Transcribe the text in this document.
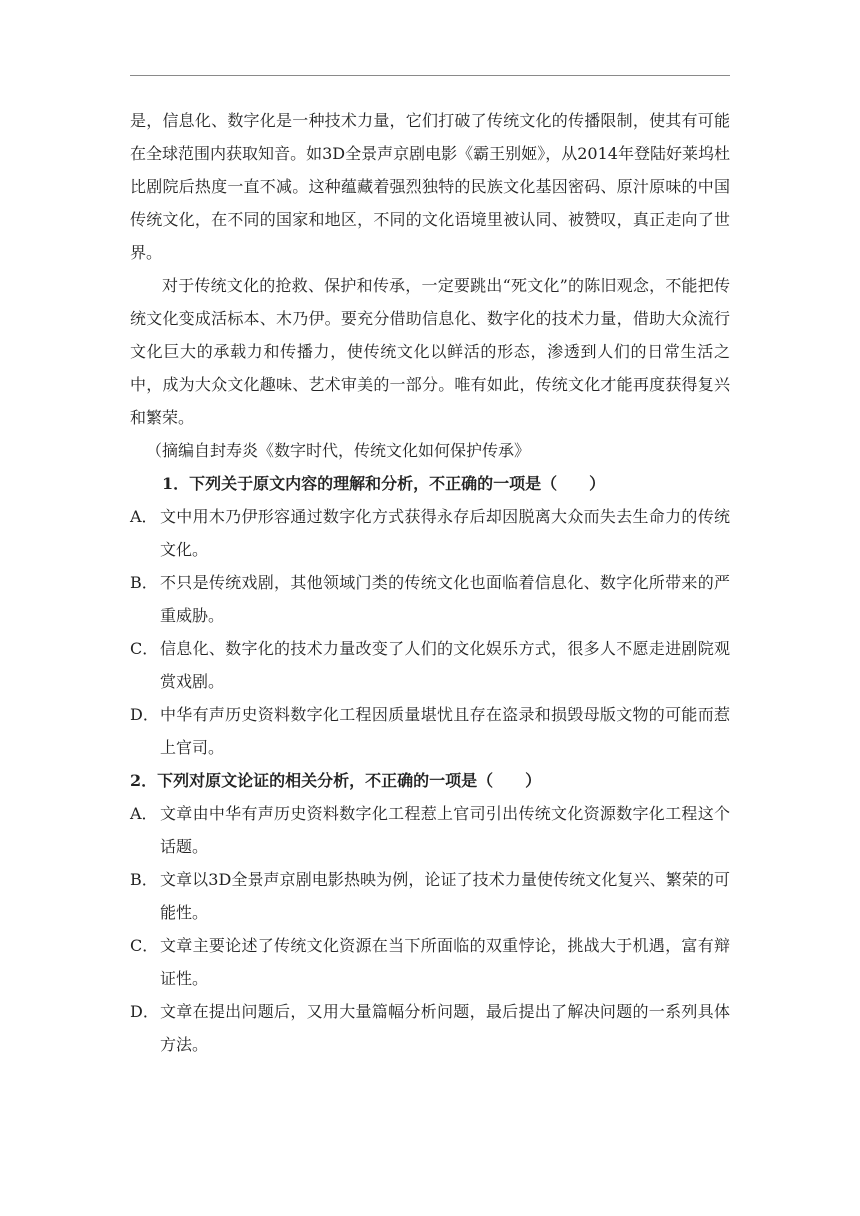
是，信息化、数字化是一种技术力量，它们打破了传统文化的传播限制，使其有可能在全球范围内获取知音。如3D全景声京剧电影《霸王别姬》，从2014年登陆好莱坞杜比剧院后热度一直不减。这种蕴藏着强烈独特的民族文化基因密码、原汁原味的中国传统文化，在不同的国家和地区，不同的文化语境里被认同、被赞叹，真正走向了世界。

对于传统文化的抢救、保护和传承，一定要跳出“死文化”的陈旧观念，不能把传统文化变成活标本、木乃伊。要充分借助信息化、数字化的技术力量，借助大众流行文化巨大的承载力和传播力，使传统文化以鲜活的形态，渗透到人们的日常生活之中，成为大众文化趣味、艺术审美的一部分。唯有如此，传统文化才能再度获得复兴和繁荣。

（摘编自封寿炎《数字时代，传统文化如何保护传承》

1．下列关于原文内容的理解和分析，不正确的一项是（　　）

A． 文中用木乃伊形容通过数字化方式获得永存后却因脱离大众而失去生命力的传统文化。
B． 不只是传统戏剧，其他领域门类的传统文化也面临着信息化、数字化所带来的严重威胁。
C． 信息化、数字化的技术力量改变了人们的文化娱乐方式，很多人不愿走进剧院观赏戏剧。
D． 中华有声历史资料数字化工程因质量堪忧且存在盗录和损毁母版文物的可能而惹上官司。

2．下列对原文论证的相关分析，不正确的一项是（　　）

A． 文章由中华有声历史资料数字化工程惹上官司引出传统文化资源数字化工程这个话题。
B． 文章以3D全景声京剧电影热映为例，论证了技术力量使传统文化复兴、繁荣的可能性。
C． 文章主要论述了传统文化资源在当下所面临的双重悖论，挑战大于机遇，富有辩证性。
D． 文章在提出问题后，又用大量篇幅分析问题，最后提出了解决问题的一系列具体方法。
